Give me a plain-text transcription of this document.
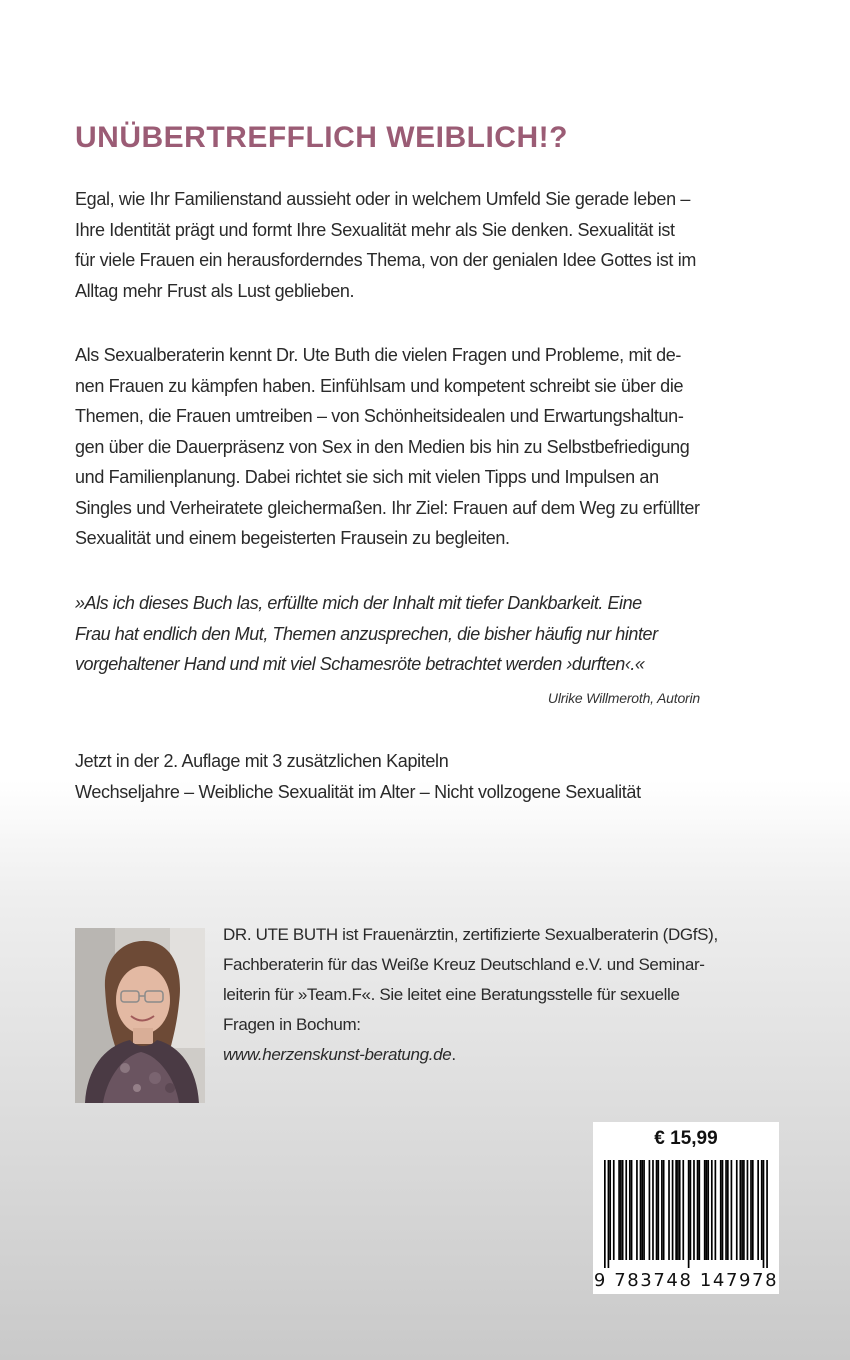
UNÜBERTREFFLICH WEIBLICH!?

Egal, wie Ihr Familienstand aussieht oder in welchem Umfeld Sie gerade leben –
Ihre Identität prägt und formt Ihre Sexualität mehr als Sie denken. Sexualität ist
für viele Frauen ein herausforderndes Thema, von der genialen Idee Gottes ist im
Alltag mehr Frust als Lust geblieben.

Als Sexualberaterin kennt Dr. Ute Buth die vielen Fragen und Probleme, mit de-
nen Frauen zu kämpfen haben. Einfühlsam und kompetent schreibt sie über die
Themen, die Frauen umtreiben – von Schönheitsidealen und Erwartungshaltun-
gen über die Dauerpräsenz von Sex in den Medien bis hin zu Selbstbefriedigung
und Familienplanung. Dabei richtet sie sich mit vielen Tipps und Impulsen an
Singles und Verheiratete gleichermaßen. Ihr Ziel: Frauen auf dem Weg zu erfüllter
Sexualität und einem begeisterten Frausein zu begleiten.

»Als ich dieses Buch las, erfüllte mich der Inhalt mit tiefer Dankbarkeit. Eine
Frau hat endlich den Mut, Themen anzusprechen, die bisher häufig nur hinter
vorgehaltener Hand und mit viel Schamesröte betrachtet werden ›durften‹.«
Ulrike Willmeroth, Autorin
Jetzt in der 2. Auflage mit 3 zusätzlichen Kapiteln
Wechseljahre – Weibliche Sexualität im Alter – Nicht vollzogene Sexualität
DR. UTE BUTH ist Frauenärztin, zertifizierte Sexualberaterin (DGfS),
Fachberaterin für das Weiße Kreuz Deutschland e.V. und Seminar-
leiterin für »Team.F«. Sie leitet eine Beratungsstelle für sexuelle
Fragen in Bochum:
www.herzenskunst-beratung.de.
€ 15,99
9 783748 147978
